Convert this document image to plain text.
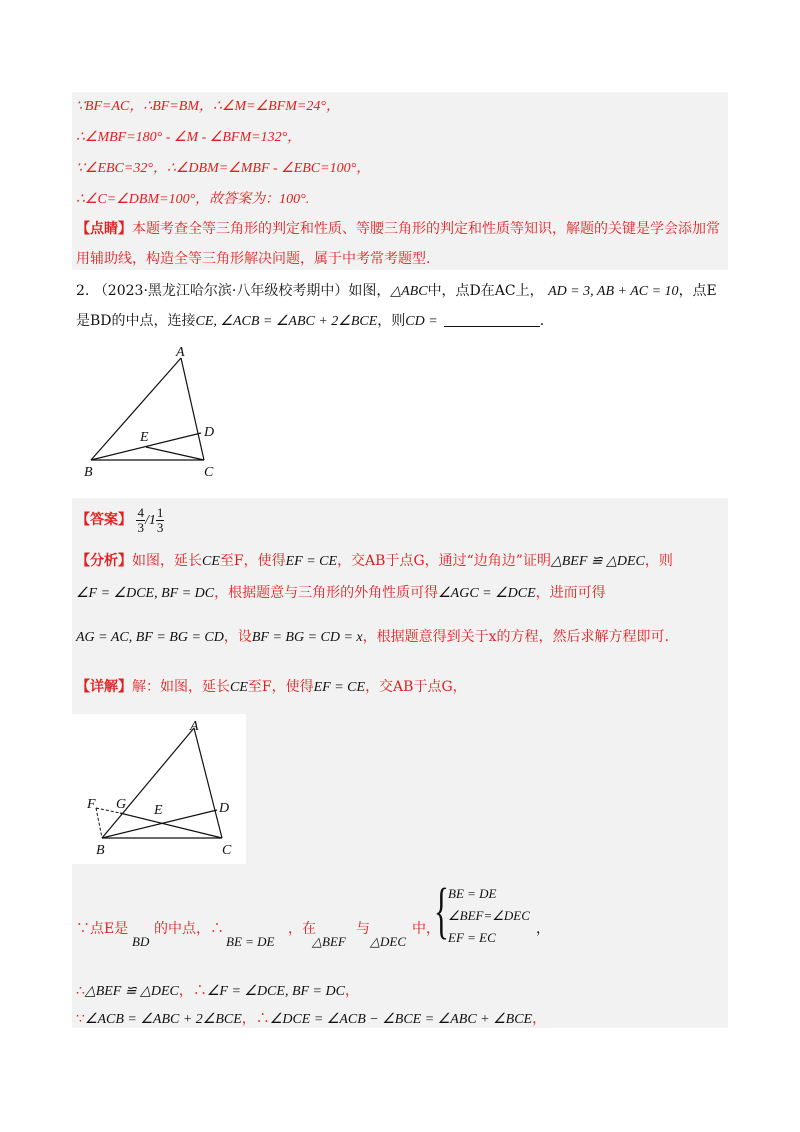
∵BF=AC，∴BF=BM，∴∠M=∠BFM=24°，
∴∠MBF=180° - ∠M - ∠BFM=132°，
∵∠EBC=32°，∴∠DBM=∠MBF - ∠EBC=100°，
∴∠C=∠DBM=100°，故答案为：100°.
【点睛】本题考查全等三角形的判定和性质、等腰三角形的判定和性质等知识，解题的关键是学会添加常
用辅助线，构造全等三角形解决问题，属于中考常考题型.
2. （2023·黑龙江哈尔滨·八年级校考期中）如图，△ABC中，点D在AC上， AD = 3, AB + AC = 10，点E
是BD的中点，连接CE, ∠ACB = ∠ABC + 2∠BCE，则CD =	.
A
B	C
D
E
【答案】 $\frac{4}{3} /1 \frac{1}{3}$
【分析】如图，延长CE至F，使得EF = CE，交AB于点G，通过“边角边”证明△BEF ≌ △DEC，则
∠F = ∠DCE, BF = DC，根据题意与三角形的外角性质可得∠AGC = ∠DCE，进而可得
AG = AC, BF = BG = CD，设BF = BG = CD = x，根据题意得到关于x的方程，然后求解方程即可.
【详解】解：如图，延长CE至F，使得EF = CE，交AB于点G，
A
B	C
D
E
F G
∵点E是
BD
的中点，∴
BE = DE
，在
△BEF
与
△DEC
中，
{ BE = DE
∠BEF=∠DEC
EF = EC
，
∴△BEF ≌ △DEC，∴∠F = ∠DCE, BF = DC，
∵∠ACB = ∠ABC + 2∠BCE，∴∠DCE = ∠ACB − ∠BCE = ∠ABC + ∠BCE，
